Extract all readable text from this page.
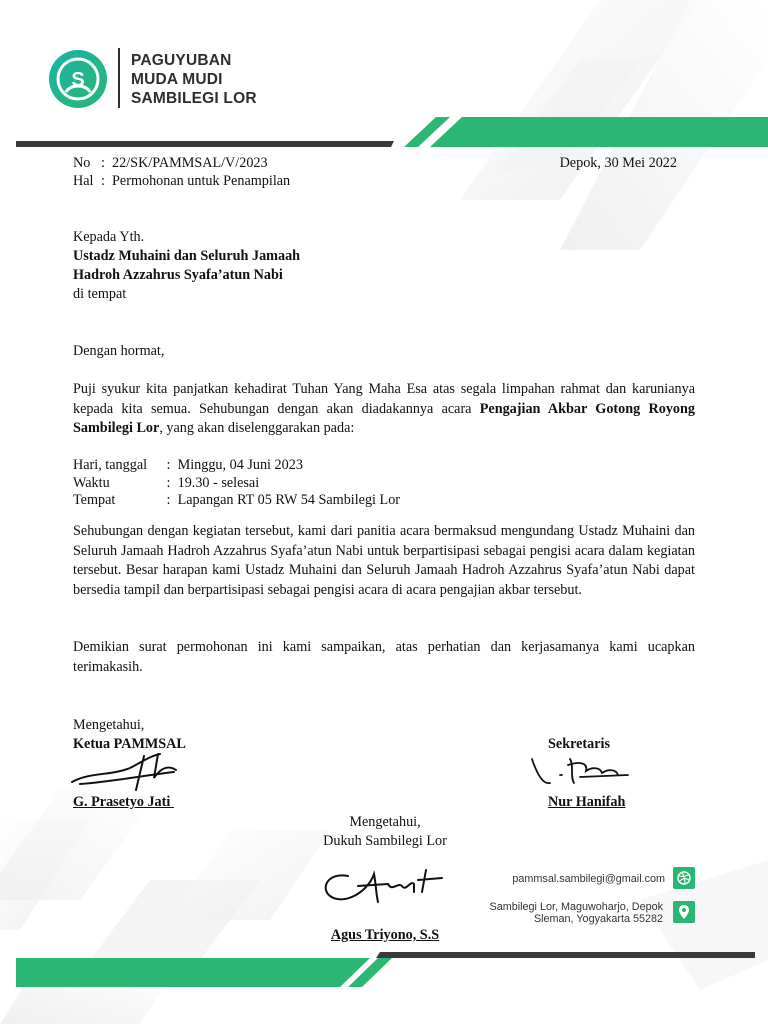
S
PAGUYUBAN
MUDA MUDI
SAMBILEGI LOR
No :  22/SK/PAMMSAL/V/2023
Hal :  Permohonan untuk Penampilan
Depok, 30 Mei 2022
Kepada Yth.
Ustadz Muhaini dan Seluruh Jamaah
Hadroh Azzahrus Syafa’atun Nabi
di tempat
Dengan hormat,
Puji syukur kita panjatkan kehadirat Tuhan Yang Maha Esa atas segala limpahan rahmat dan karunianya kepada kita semua. Sehubungan dengan akan diadakannya acara Pengajian Akbar Gotong Royong Sambilegi Lor, yang akan diselenggarakan pada:
Hari, tanggal :  Minggu, 04 Juni 2023
Waktu	:  19.30 - selesai
Tempat	:  Lapangan RT 05 RW 54 Sambilegi Lor
Sehubungan dengan kegiatan tersebut, kami dari panitia acara bermaksud mengundang Ustadz Muhaini dan Seluruh Jamaah Hadroh Azzahrus Syafa’atun Nabi untuk berpartisipasi sebagai pengisi acara dalam kegiatan tersebut. Besar harapan kami Ustadz Muhaini dan Seluruh Jamaah Hadroh Azzahrus Syafa’atun Nabi dapat bersedia tampil dan berpartisipasi sebagai pengisi acara di acara pengajian akbar tersebut.
Demikian surat permohonan ini kami sampaikan, atas perhatian dan kerjasamanya kami ucapkan terimakasih.
Mengetahui,
Ketua PAMMSAL
G. Prasetyo Jati
Sekretaris
Nur Hanifah
Mengetahui,
Dukuh Sambilegi Lor
Agus Triyono, S.S
pammsal.sambilegi@gmail.com
Sambilegi Lor, Maguwoharjo, Depok
Sleman, Yogyakarta 55282
